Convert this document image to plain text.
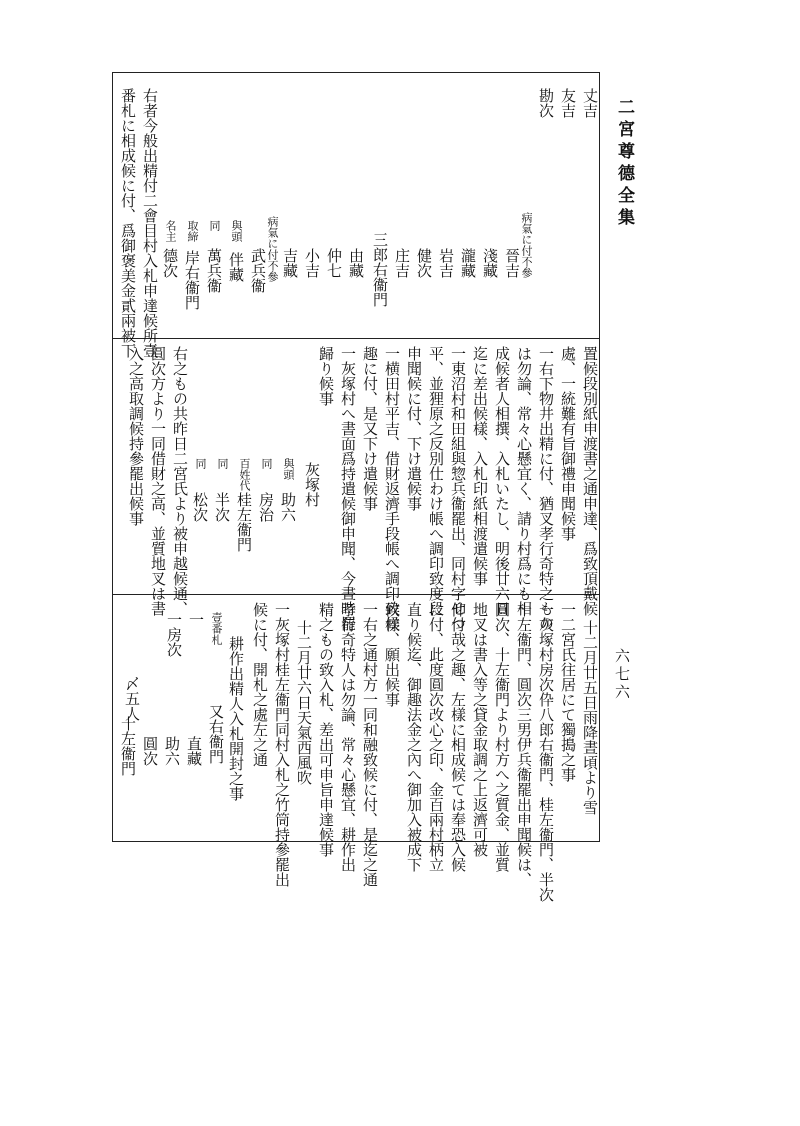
二宮尊德全集
六七六
丈吉
友吉
勘次
病氣に付不參
晉吉
淺藏
瀧藏
岩吉
健次
庄吉
三郎右衞門
由藏
仲七
小吉
吉藏
病氣に付不參
武兵衞
與頭
伴藏
同
萬兵衞
取締
岸右衞門
名主
德次
右者今般出精付二會目村入札申達候所壹
番札に相成候に付、爲御褒美金貳兩被下
置候段別紙申渡書之通申達、爲致頂戴候
處、一統難有旨御禮申聞候事
一右下物井出精に付、猶叉孝行奇特之もの
は勿論、常々心懸宜く、請り村爲にも相
成候者人相撰、入札いたし、明後廿六日
迄に差出候樣、入札印紙相渡遣候事
一東沼村和田組與惣兵衞罷出、同村字せつ
平、並狸原之反別仕わけ帳へ調印致度段
申聞候に付、下け遣候事
一横田村平吉、借財返濟手段帳へ調印致候
趣に付、是又下け遣候事
一灰塚村へ書面爲持遣候御申聞、今晝時罷
歸り候事
灰塚村
與頭
助六
同
房治
百姓代
桂左衞門
同
半次
同
松次
右之もの共昨日二宮氏より被申越候通、
圓次方より一同借財之高、並質地叉は書
入之高取調候持參罷出候事
十二月廿五日雨降晝頃より雪
一二宮氏往居にて獨搗之事
一灰塚村房次伜八郎右衞門、桂左衞門、半次
十左衞門、圓次三男伊兵衞罷出申聞候は、
圓次、十左衞門より村方へ之質金、並質
地叉は書入等之貸金取調之上返濟可被
仰付哉之趣、左樣に相成候ては奉恐入候
に付、此度圓次改心之印、金百兩村柄立
直り候迄、御趣法金之內へ御加入被成下
候樣、願出候事
一右之通村方一同和融致候に付、是迄之通
孝行奇特人は勿論、常々心懸宜、耕作出
精之もの致入札、差出可申旨申達候事
十二月廿六日天氣西風吹
一灰塚村桂左衞門同村入札之竹筒持參罷出
候に付、開札之處左之通
耕作出精人入札開封之事
壹番札
又右衞門
直藏
一
助六
一房次
圓次
十左衞門
〆五人
